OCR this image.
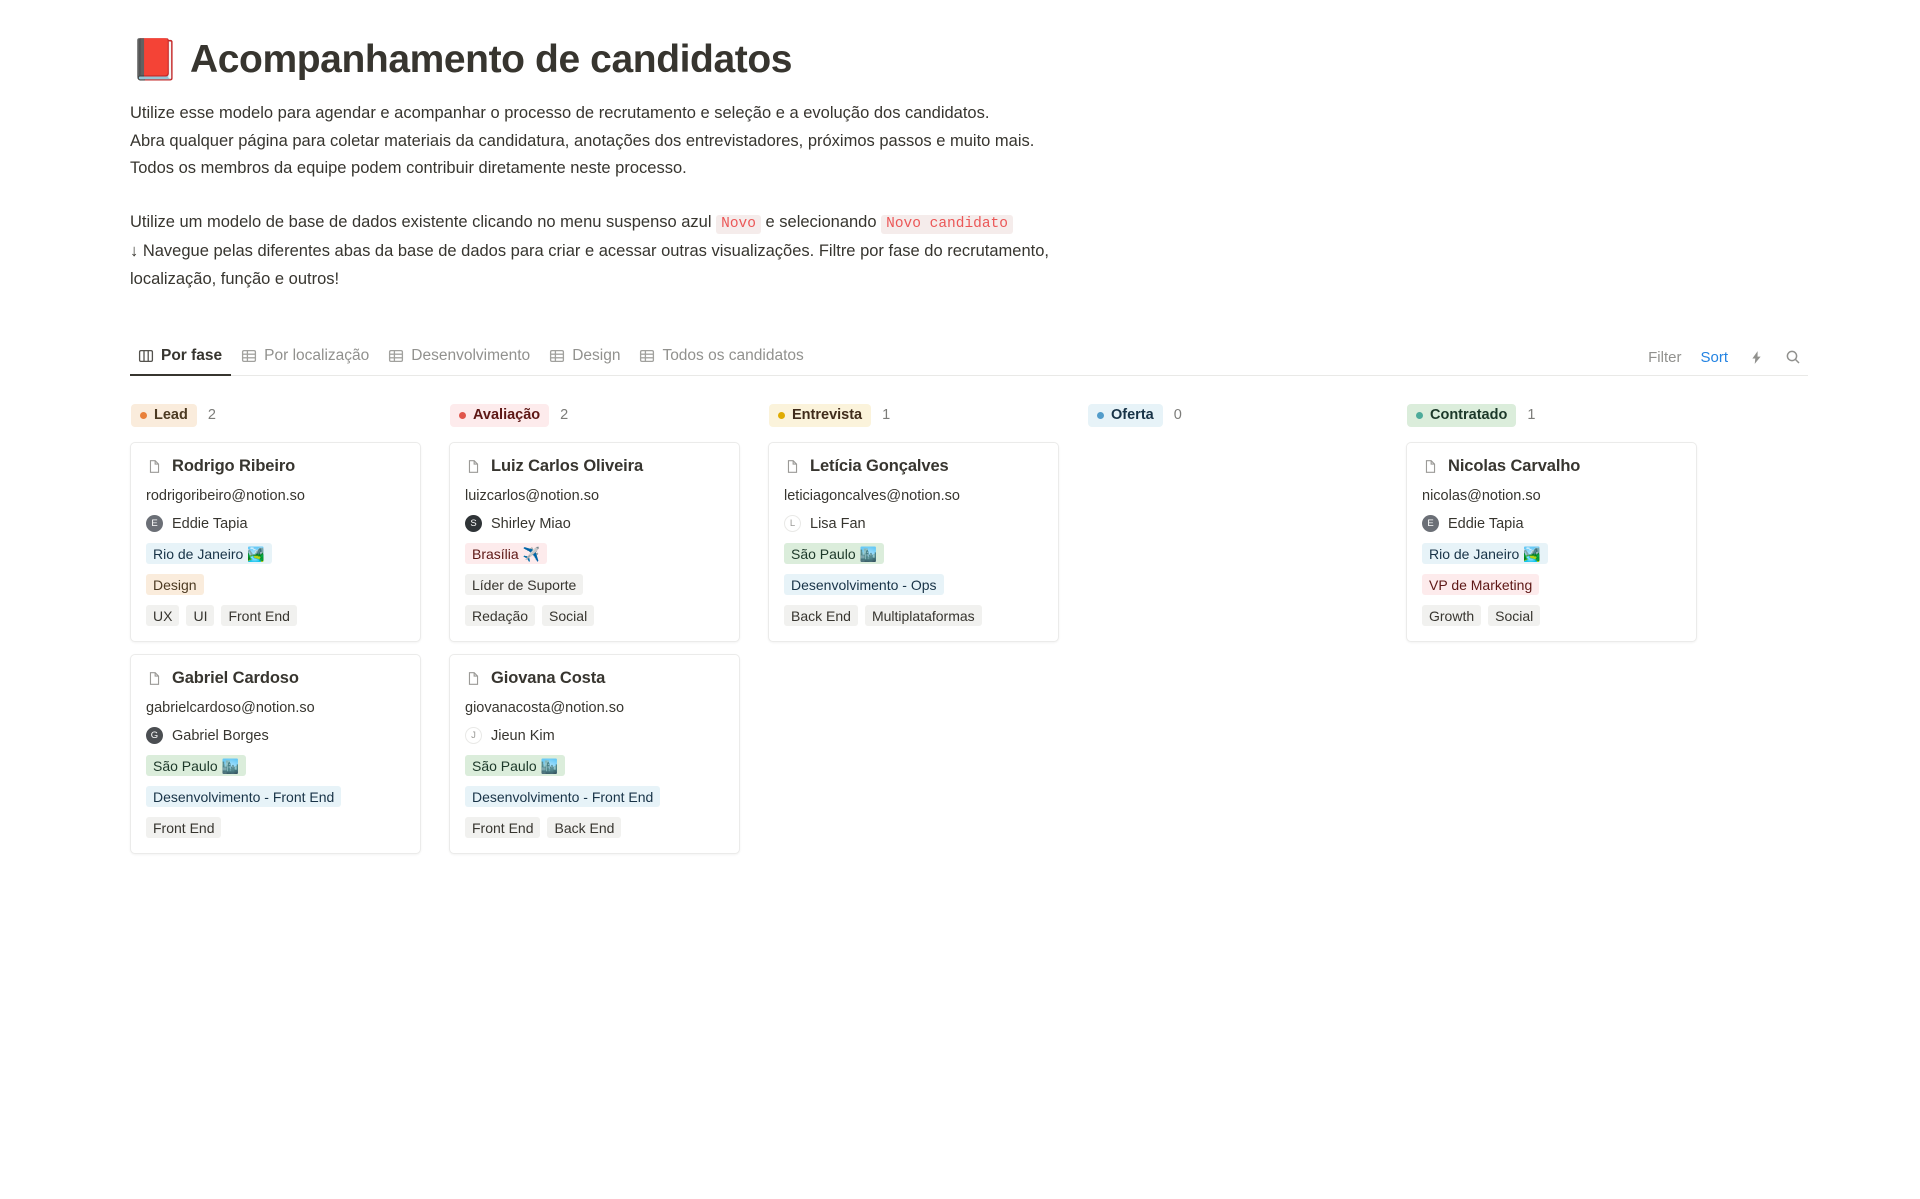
📕 Acompanhamento de candidatos

Utilize esse modelo para agendar e acompanhar o processo de recrutamento e seleção e a evolução dos candidatos.

Abra qualquer página para coletar materiais da candidatura, anotações dos entrevistadores, próximos passos e muito mais.

Todos os membros da equipe podem contribuir diretamente neste processo.

Utilize um modelo de base de dados existente clicando no menu suspenso azul Novo e selecionando Novo candidato

↓ Navegue pelas diferentes abas da base de dados para criar e acessar outras visualizações. Filtre por fase do recrutamento, localização, função e outros!

Por fase	Por localização	Desenvolvimento	Design	Todos os candidatos	Filter Sort
Lead 2
Rodrigo Ribeiro
rodrigoribeiro@notion.so
E Eddie Tapia
Rio de Janeiro 🏞️
Design
UX	UI	Front End
Gabriel Cardoso
gabrielcardoso@notion.so
G Gabriel Borges
São Paulo 🏙️
Desenvolvimento - Front End
Front End
Avaliação 2
Luiz Carlos Oliveira
luizcarlos@notion.so
S Shirley Miao
Brasília ✈️
Líder de Suporte
Redação	Social
Giovana Costa
giovanacosta@notion.so
J Jieun Kim
São Paulo 🏙️
Desenvolvimento - Front End
Front End	Back End
Entrevista 1
Letícia Gonçalves
leticiagoncalves@notion.so
L Lisa Fan
São Paulo 🏙️
Desenvolvimento - Ops
Back End	Multiplataformas
Oferta 0	Contratado 1
Nicolas Carvalho
nicolas@notion.so
E Eddie Tapia
Rio de Janeiro 🏞️
VP de Marketing
Growth	Social
